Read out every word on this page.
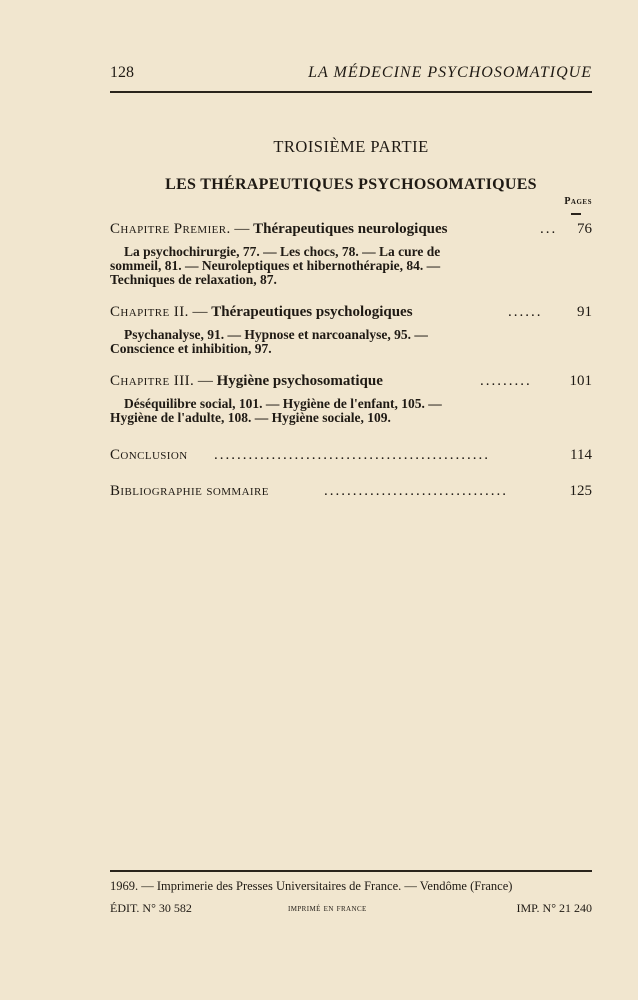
128	LA MÉDECINE PSYCHOSOMATIQUE
TROISIÈME PARTIE
LES THÉRAPEUTIQUES PSYCHOSOMATIQUES
Pages
Chapitre Premier. — Thérapeutiques neurologiques	...	76
La psychochirurgie, 77. — Les chocs, 78. — La cure de
sommeil, 81. — Neuroleptiques et hibernothérapie, 84. —
Techniques de relaxation, 87.
Chapitre II. — Thérapeutiques psychologiques	......	91
Psychanalyse, 91. — Hypnose et narcoanalyse, 95. —
Conscience et inhibition, 97.
Chapitre III. — Hygiène psychosomatique	.........	101
Déséquilibre social, 101. — Hygiène de l'enfant, 105. —
Hygiène de l'adulte, 108. — Hygiène sociale, 109.
Conclusion ................................................	114
Bibliographie sommaire	................................	125
1969. — Imprimerie des Presses Universitaires de France. — Vendôme (France)
ÉDIT. N° 30 582	imprimé en france	IMP. N° 21 240
